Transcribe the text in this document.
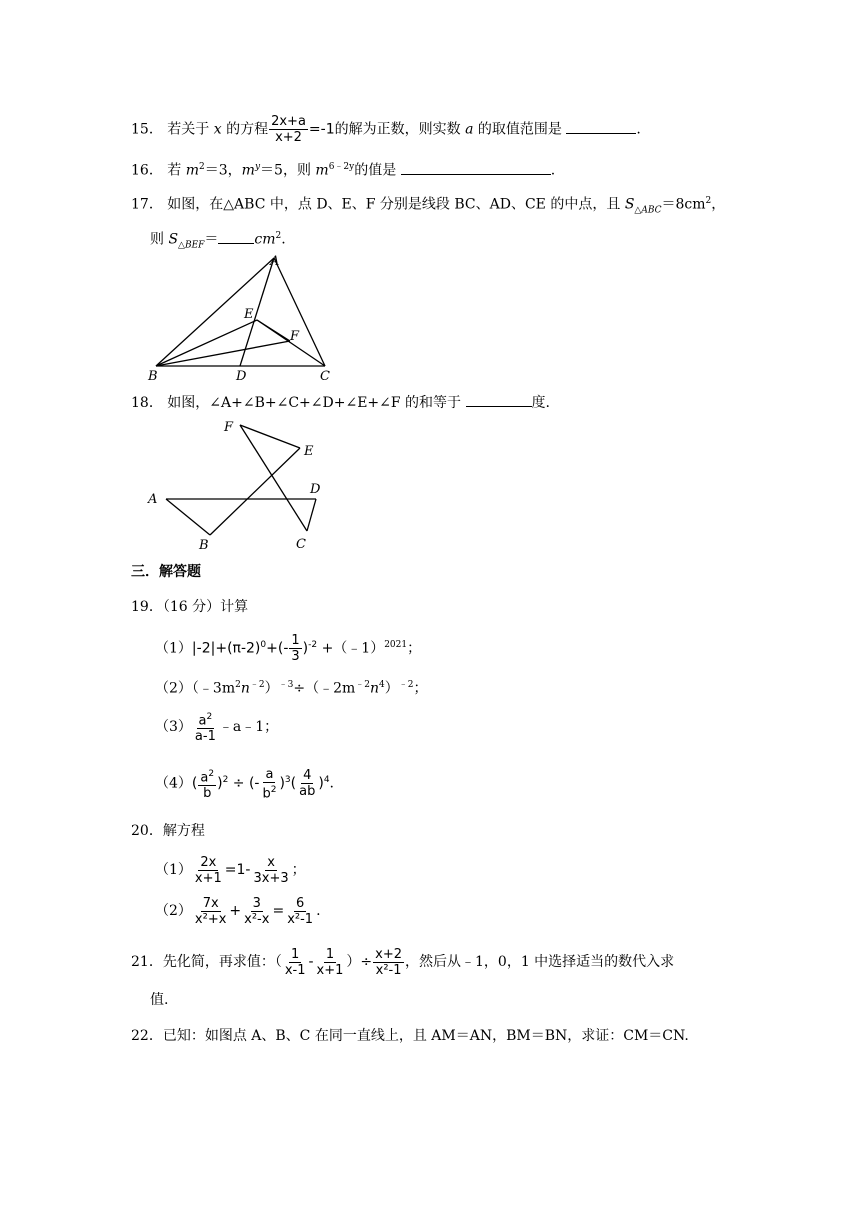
15． 若关于 x 的方程 $\frac{2x+a}{x+2} =-1$的解为正数，则实数 a 的取值范围是	.
16． 若 $m^2=3$，$m^y=5$，则 $m^{6﹣2y}$的值是	.
17． 如图，在△ABC 中，点 D、E、F 分别是线段 BC、AD、CE 的中点，且 $S_{\triangle ABC}=8cm^2$，
则 $S_{\triangle BEF}=$	$cm^2$.
A
B	C
D
E
F
18． 如图，∠A+∠B+∠C+∠D+∠E+∠F 的和等于	度.
F
E
A
D
B	C
三．解答题
19．（16 分）计算
$(1)|-2|+(\pi-2)^0+(- \frac{1}{3} )^{-2}$ +（﹣1）$^{2021}$；
$(2)(﹣3m^2n^{﹣2})^{﹣3}\div(﹣2m^{﹣2}n^4)^{﹣2}$；
$(3) \frac{a^2}{a-1}$ ﹣a﹣1；
$(4)( \frac{a^2}{b} )^2$ ÷ (- $\frac{a}{b^2} )^3( \frac{4}{ab} )^4$.
20．解方程
$(1) \frac{2x}{x+1} =1- \frac{x}{3x+3}$ ；
$(2) \frac{7x}{\text{x²+x}} + \frac{3}{\text{x²-x}} = \frac{6}{\text{x²-1}}$ .
21．先化简，再求值：（ $\frac{1}{x-1} - \frac{1}{x+1}$ ）÷ $\frac{x+2}{\text{x²-1}}$ ，然后从﹣1，0，1 中选择适当的数代入求
值.
22．已知：如图点 A、B、C 在同一直线上，且 AM＝AN，BM＝BN，求证：CM＝CN.
